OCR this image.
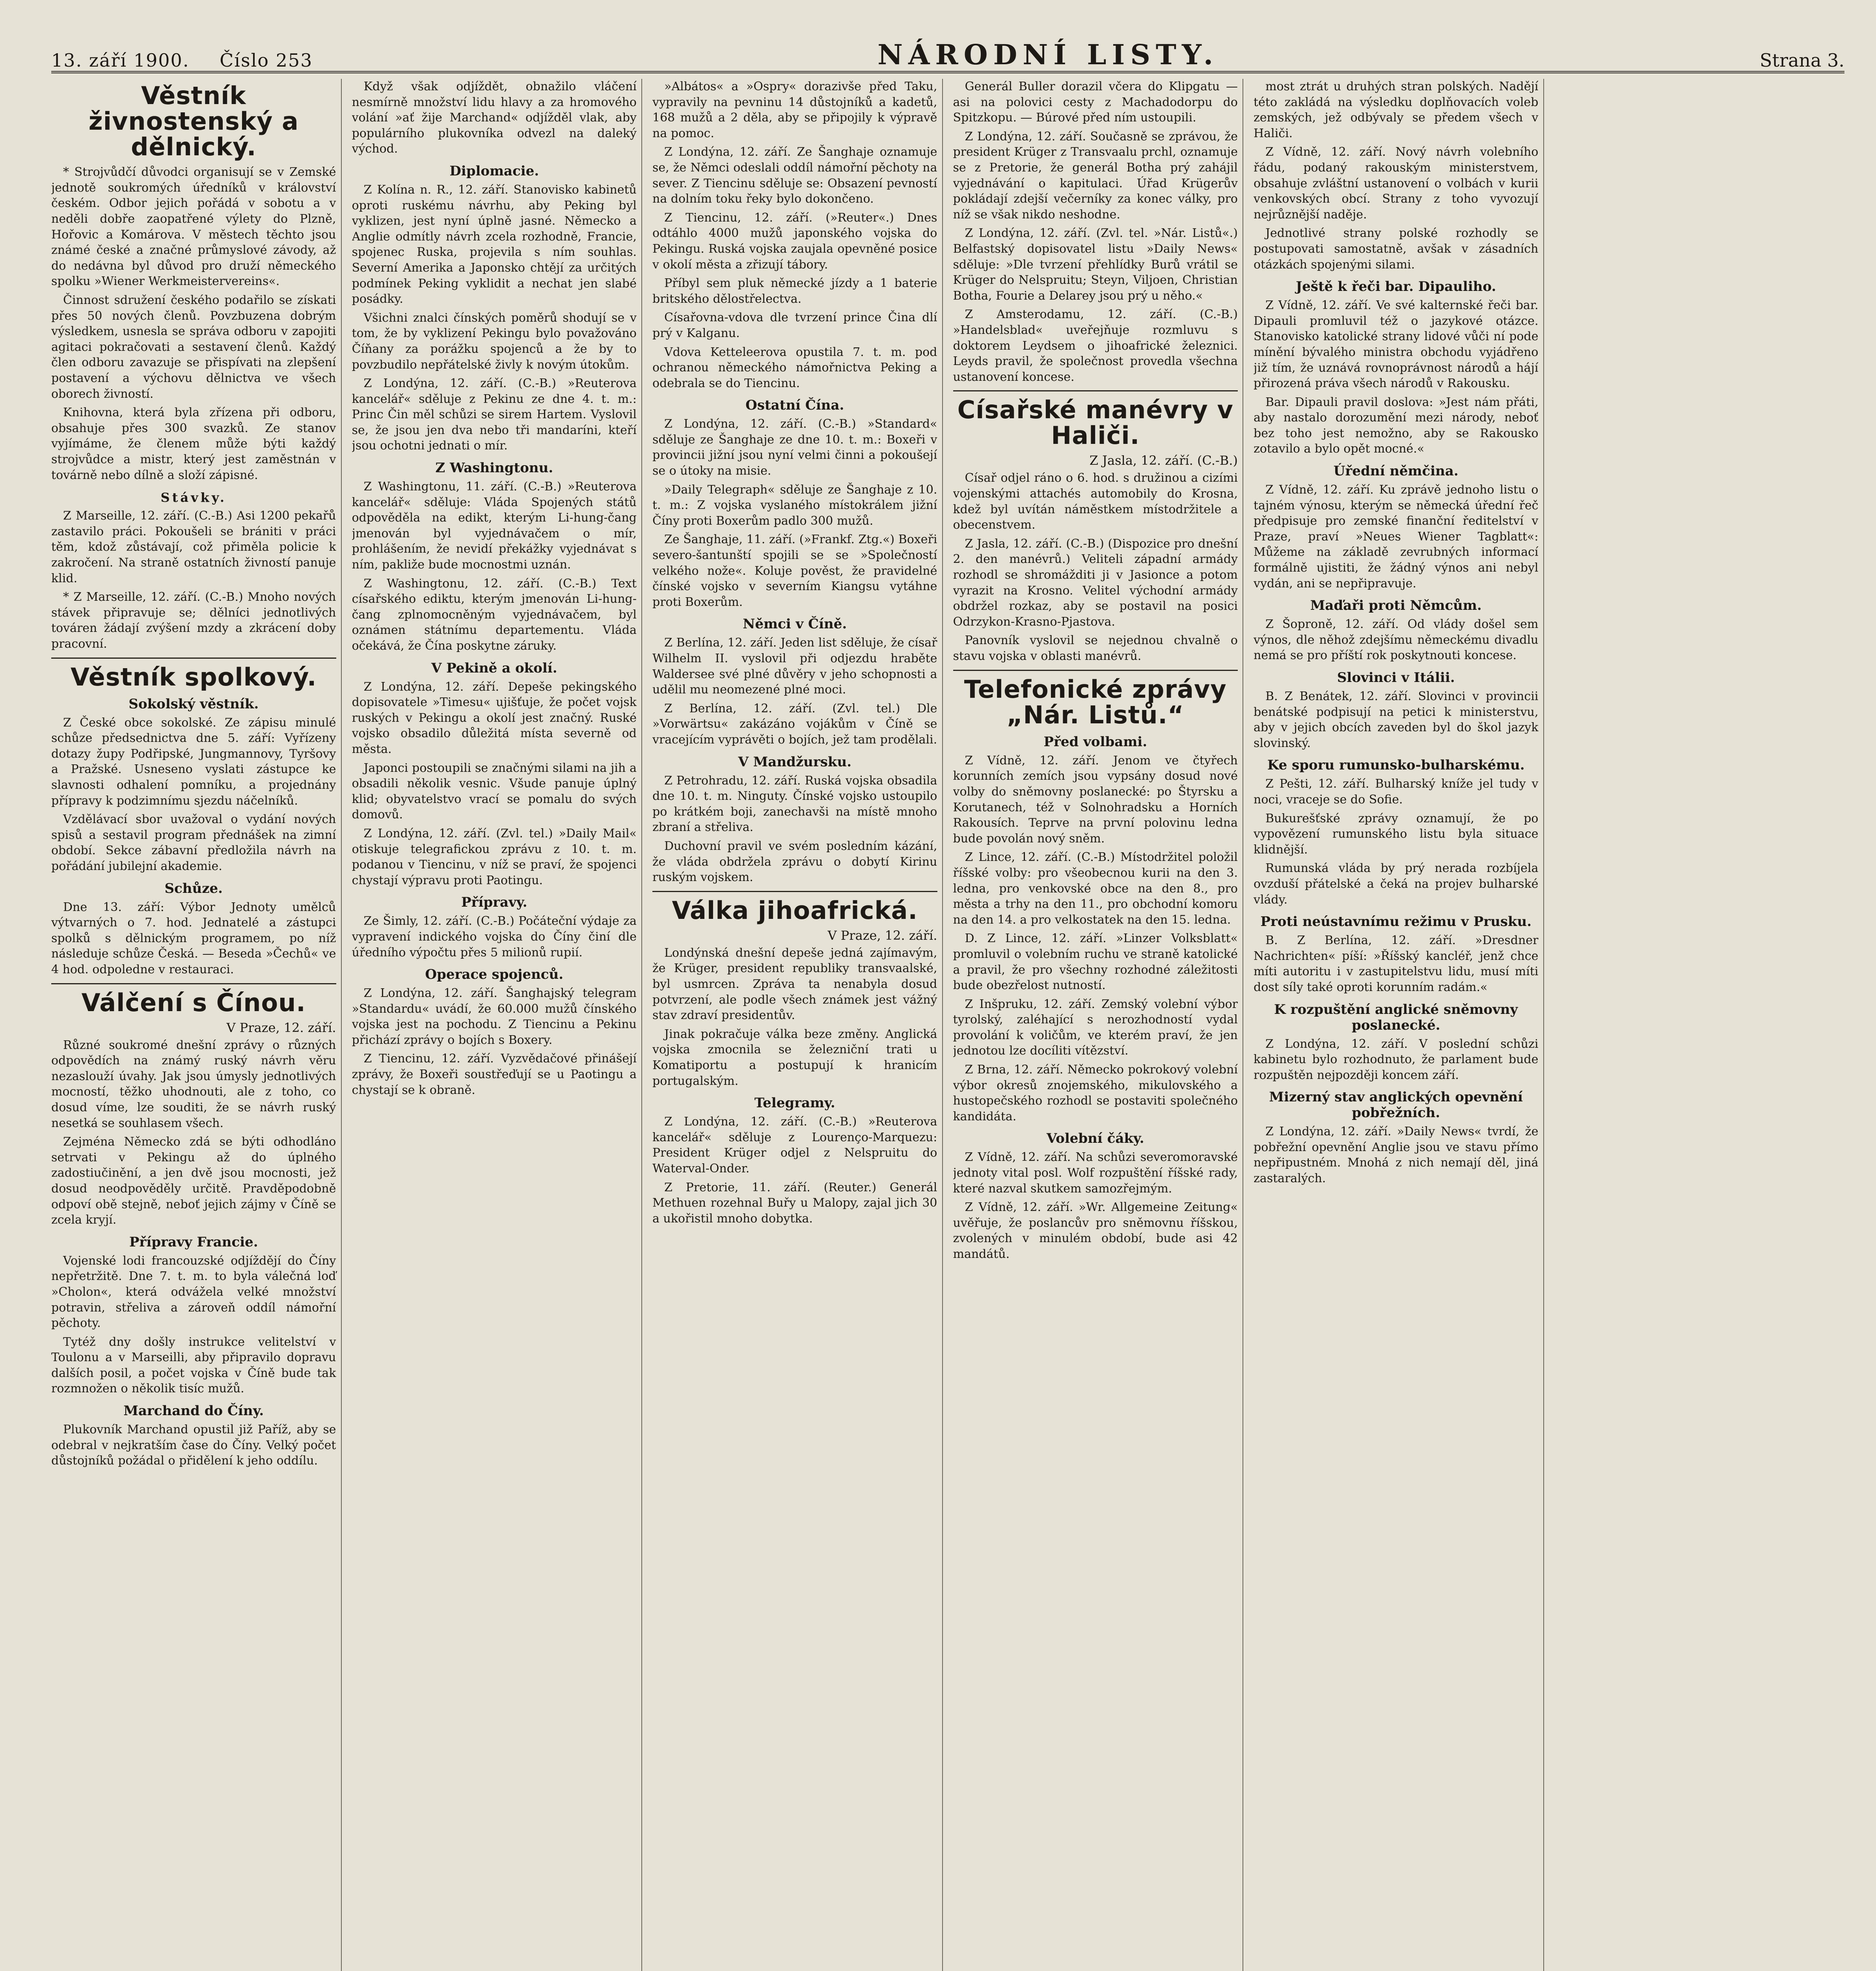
13. září 1900. Číslo 253	NÁRODNÍ LISTY.	Strana 3.
Věstník živnostenský a dělnický.

* Strojvůdčí důvodci organisují se v Zemské jednotě soukromých úředníků v království českém. Odbor jejich pořádá v sobotu a v neděli dobře zaopatřené výlety do Plzně, Hořovic a Komárova. V městech těchto jsou známé české a značné průmyslové závody, až do nedávna byl důvod pro druží německého spolku »Wiener Werkmeistervereins«.

Činnost sdružení českého podařilo se získati přes 50 nových členů. Povzbuzena dobrým výsledkem, usnesla se správa odboru v zapojiti agitaci pokračovati a sestavení členů. Každý člen odboru zavazuje se přispívati na zlepšení postavení a výchovu dělnictva ve všech oborech živností.

Knihovna, která byla zřízena při odboru, obsahuje přes 300 svazků. Ze stanov vyjímáme, že členem může býti každý strojvůdce a mistr, který jest zaměstnán v továrně nebo dílně a složí zápisné.

Stávky.

Z Marseille, 12. září. (C.-B.) Asi 1200 pekařů zastavilo práci. Pokoušeli se brániti v práci těm, kdož zůstávají, což přiměla policie k zakročení. Na straně ostatních živností panuje klid.

* Z Marseille, 12. září. (C.-B.) Mnoho nových stávek připravuje se; dělníci jednotlivých továren žádají zvýšení mzdy a zkrácení doby pracovní.

Věstník spolkový.
Sokolský věstník.

Z České obce sokolské. Ze zápisu minulé schůze předsednictva dne 5. září: Vyřízeny dotazy župy Podřipské, Jungmannovy, Tyršovy a Pražské. Usneseno vyslati zástupce ke slavnosti odhalení pomníku, a projednány přípravy k podzimnímu sjezdu náčelníků.

Vzdělávací sbor uvažoval o vydání nových spisů a sestavil program přednášek na zimní období. Sekce zábavní předložila návrh na pořádání jubilejní akademie.

Schůze.

Dne 13. září: Výbor Jednoty umělců výtvarných o 7. hod. Jednatelé a zástupci spolků s dělnickým programem, po níž následuje schůze Česká. — Beseda »Čechů« ve 4 hod. odpoledne v restauraci.

Válčení s Čínou.
V Praze, 12. září.

Různé soukromé dnešní zprávy o různých odpovědích na známý ruský návrh věru nezaslouží úvahy. Jak jsou úmysly jednotlivých mocností, těžko uhodnouti, ale z toho, co dosud víme, lze souditi, že se návrh ruský nesetká se souhlasem všech.

Zejména Německo zdá se býti odhodláno setrvati v Pekingu až do úplného zadostiučinění, a jen dvě jsou mocnosti, jež dosud neodpověděly určitě. Pravděpodobně odpoví obě stejně, neboť jejich zájmy v Číně se zcela kryjí.

Přípravy Francie.

Vojenské lodi francouzské odjíždějí do Číny nepřetržitě. Dne 7. t. m. to byla válečná loď »Cholon«, která odvážela velké množství potravin, střeliva a zároveň oddíl námořní pěchoty.

Tytéž dny došly instrukce velitelství v Toulonu a v Marseilli, aby připravilo dopravu dalších posil, a počet vojska v Číně bude tak rozmnožen o několik tisíc mužů.

Marchand do Číny.

Plukovník Marchand opustil již Paříž, aby se odebral v nejkratším čase do Číny. Velký počet důstojníků požádal o přidělení k jeho oddílu.

Když však odjíždět, obnažilo vláčení nesmírně množství lidu hlavy a za hromového volání »ať žije Marchand« odjížděl vlak, aby populárního plukovníka odvezl na daleký východ.

Diplomacie.

Z Kolína n. R., 12. září. Stanovisko kabinetů oproti ruskému návrhu, aby Peking byl vyklizen, jest nyní úplně jasné. Německo a Anglie odmítly návrh zcela rozhodně, Francie, spojenec Ruska, projevila s ním souhlas. Severní Amerika a Japonsko chtějí za určitých podmínek Peking vyklidit a nechat jen slabé posádky.

Všichni znalci čínských poměrů shodují se v tom, že by vyklizení Pekingu bylo považováno Číňany za porážku spojenců a že by to povzbudilo nepřátelské živly k novým útokům.

Z Londýna, 12. září. (C.-B.) »Reuterova kancelář« sděluje z Pekinu ze dne 4. t. m.: Princ Čin měl schůzi se sirem Hartem. Vyslovil se, že jsou jen dva nebo tři mandaríni, kteří jsou ochotni jednati o mír.

Z Washingtonu.

Z Washingtonu, 11. září. (C.-B.) »Reuterova kancelář« sděluje: Vláda Spojených států odpověděla na edikt, kterým Li-hung-čang jmenován byl vyjednávačem o mír, prohlášením, že nevidí překážky vyjednávat s ním, pakliže bude mocnostmi uznán.

Z Washingtonu, 12. září. (C.-B.) Text císařského ediktu, kterým jmenován Li-hung-čang zplnomocněným vyjednávačem, byl oznámen státnímu departementu. Vláda očekává, že Čína poskytne záruky.

V Pekině a okolí.

Z Londýna, 12. září. Depeše pekingského dopisovatele »Timesu« ujišťuje, že počet vojsk ruských v Pekingu a okolí jest značný. Ruské vojsko obsadilo důležitá místa severně od města.

Japonci postoupili se značnými silami na jih a obsadili několik vesnic. Všude panuje úplný klid; obyvatelstvo vrací se pomalu do svých domovů.

Z Londýna, 12. září. (Zvl. tel.) »Daily Mail« otiskuje telegrafickou zprávu z 10. t. m. podanou v Tiencinu, v níž se praví, že spojenci chystají výpravu proti Paotingu.

Přípravy.

Ze Šimly, 12. září. (C.-B.) Počáteční výdaje za vypravení indického vojska do Číny činí dle úředního výpočtu přes 5 milionů rupií.

Operace spojenců.

Z Londýna, 12. září. Šanghajský telegram »Standardu« uvádí, že 60.000 mužů čínského vojska jest na pochodu. Z Tiencinu a Pekinu přichází zprávy o bojích s Boxery.

Z Tiencinu, 12. září. Vyzvědačové přinášejí zprávy, že Boxeři soustřeďují se u Paotingu a chystají se k obraně.

»Albátos« a »Ospry« dorazivše před Taku, vypravily na pevninu 14 důstojníků a kadetů, 168 mužů a 2 děla, aby se připojily k výpravě na pomoc.

Z Londýna, 12. září. Ze Šanghaje oznamuje se, že Němci odeslali oddíl námořní pěchoty na sever. Z Tiencinu sděluje se: Obsazení pevností na dolním toku řeky bylo dokončeno.

Z Tiencinu, 12. září. (»Reuter«.) Dnes odtáhlo 4000 mužů japonského vojska do Pekingu. Ruská vojska zaujala opevněné posice v okolí města a zřizují tábory.

Příbyl sem pluk německé jízdy a 1 baterie britského dělostřelectva.

Císařovna-vdova dle tvrzení prince Čina dlí prý v Kalganu.

Vdova Ketteleerova opustila 7. t. m. pod ochranou německého námořnictva Peking a odebrala se do Tiencinu.

Ostatní Čína.

Z Londýna, 12. září. (C.-B.) »Standard« sděluje ze Šanghaje ze dne 10. t. m.: Boxeři v provincii jižní jsou nyní velmi činni a pokoušejí se o útoky na misie.

»Daily Telegraph« sděluje ze Šanghaje z 10. t. m.: Z vojska vyslaného místokrálem jižní Číny proti Boxerům padlo 300 mužů.

Ze Šanghaje, 11. září. (»Frankf. Ztg.«) Boxeři severo-šantunští spojili se se »Společností velkého nože«. Koluje pověst, že pravidelné čínské vojsko v severním Kiangsu vytáhne proti Boxerům.

Němci v Číně.

Z Berlína, 12. září. Jeden list sděluje, že císař Wilhelm II. vyslovil při odjezdu hraběte Waldersee své plné důvěry v jeho schopnosti a udělil mu neomezené plné moci.

Z Berlína, 12. září. (Zvl. tel.) Dle »Vorwärtsu« zakázáno vojákům v Číně se vracejícím vyprávěti o bojích, jež tam prodělali.

V Mandžursku.

Z Petrohradu, 12. září. Ruská vojska obsadila dne 10. t. m. Ninguty. Čínské vojsko ustoupilo po krátkém boji, zanechavši na místě mnoho zbraní a střeliva.

Duchovní pravil ve svém posledním kázání, že vláda obdržela zprávu o dobytí Kirinu ruským vojskem.

Válka jihoafrická.
V Praze, 12. září.

Londýnská dnešní depeše jedná zajímavým, že Krüger, president republiky transvaalské, byl usmrcen. Zpráva ta nenabyla dosud potvrzení, ale podle všech známek jest vážný stav zdraví presidentův.

Jinak pokračuje válka beze změny. Anglická vojska zmocnila se železniční trati u Komatiportu a postupují k hranicím portugalským.

Telegramy.

Z Londýna, 12. září. (C.-B.) »Reuterova kancelář« sděluje z Lourenço-Marquezu: President Krüger odjel z Nelspruitu do Waterval-Onder.

Z Pretorie, 11. září. (Reuter.) Generál Methuen rozehnal Buřy u Malopy, zajal jich 30 a ukořistil mnoho dobytka.

Generál Buller dorazil včera do Klipgatu — asi na polovici cesty z Machadodorpu do Spitzkopu. — Búrové před ním ustoupili.

Z Londýna, 12. září. Současně se zprávou, že president Krüger z Transvaalu prchl, oznamuje se z Pretorie, že generál Botha prý zahájil vyjednávání o kapitulaci. Úřad Krügerův pokládají zdejší večerníky za konec války, pro níž se však nikdo neshodne.

Z Londýna, 12. září. (Zvl. tel. »Nár. Listů«.) Belfastský dopisovatel listu »Daily News« sděluje: »Dle tvrzení přehlídky Burů vrátil se Krüger do Nelspruitu; Steyn, Viljoen, Christian Botha, Fourie a Delarey jsou prý u něho.«

Z Amsterodamu, 12. září. (C.-B.) »Handelsblad« uveřejňuje rozmluvu s doktorem Leydsem o jihoafrické železnici. Leyds pravil, že společnost provedla všechna ustanovení koncese.

Císařské manévry v Haliči.
Z Jasla, 12. září. (C.-B.)

Císař odjel ráno o 6. hod. s družinou a cizími vojenskými attachés automobily do Krosna, kdež byl uvítán náměstkem místodržitele a obecenstvem.

Z Jasla, 12. září. (C.-B.) (Dispozice pro dnešní 2. den manévrů.) Veliteli západní armády rozhodl se shromážditi ji v Jasionce a potom vyrazit na Krosno. Velitel východní armády obdržel rozkaz, aby se postavil na posici Odrzykon-Krasno-Pjastova.

Panovník vyslovil se nejednou chvalně o stavu vojska v oblasti manévrů.

Telefonické zprávy „Nár. Listů.“
Před volbami.

Z Vídně, 12. září. Jenom ve čtyřech korunních zemích jsou vypsány dosud nové volby do sněmovny poslanecké: po Štyrsku a Korutanech, též v Solnohradsku a Horních Rakousích. Teprve na první polovinu ledna bude povolán nový sněm.

Z Lince, 12. září. (C.-B.) Místodržitel položil říšské volby: pro všeobecnou kurii na den 3. ledna, pro venkovské obce na den 8., pro města a trhy na den 11., pro obchodní komoru na den 14. a pro velkostatek na den 15. ledna.

D. Z Lince, 12. září. »Linzer Volksblatt« promluvil o volebním ruchu ve straně katolické a pravil, že pro všechny rozhodné záležitosti bude obezřelost nutností.

Z Inšpruku, 12. září. Zemský volební výbor tyrolský, zaléhající s nerozhodností vydal provolání k voličům, ve kterém praví, že jen jednotou lze docíliti vítězství.

Z Brna, 12. září. Německo pokrokový volební výbor okresů znojemského, mikulovského a hustopečského rozhodl se postaviti společného kandidáta.

Volební čáky.

Z Vídně, 12. září. Na schůzi severomoravské jednoty vital posl. Wolf rozpuštění říšské rady, které nazval skutkem samozřejmým.

Z Vídně, 12. září. »Wr. Allgemeine Zeitung« uvěřuje, že poslancův pro sněmovnu říšskou, zvolených v minulém období, bude asi 42 mandátů.

most ztrát u druhých stran polských. Nadějí této zakládá na výsledku doplňovacích voleb zemských, jež odbývaly se předem všech v Haliči.

Z Vídně, 12. září. Nový návrh volebního řádu, podaný rakouským ministerstvem, obsahuje zvláštní ustanovení o volbách v kurii venkovských obcí. Strany z toho vyvozují nejrůznější naděje.

Jednotlivé strany polské rozhodly se postupovati samostatně, avšak v zásadních otázkách spojenými silami.

Ještě k řeči bar. Dipauliho.

Z Vídně, 12. září. Ve své kalternské řeči bar. Dipauli promluvil též o jazykové otázce. Stanovisko katolické strany lidové vůči ní pode mínění bývalého ministra obchodu vyjádřeno již tím, že uznává rovnoprávnost národů a hájí přirozená práva všech národů v Rakousku.

Bar. Dipauli pravil doslova: »Jest nám přáti, aby nastalo dorozumění mezi národy, neboť bez toho jest nemožno, aby se Rakousko zotavilo a bylo opět mocné.«

Úřední němčina.

Z Vídně, 12. září. Ku zprávě jednoho listu o tajném výnosu, kterým se německá úřední řeč předpisuje pro zemské finanční ředitelství v Praze, praví »Neues Wiener Tagblatt«: Můžeme na základě zevrubných informací formálně ujistiti, že žádný výnos ani nebyl vydán, ani se nepřipravuje.

Maďaři proti Němcům.

Z Šoproně, 12. září. Od vlády došel sem výnos, dle něhož zdejšímu německému divadlu nemá se pro příští rok poskytnouti koncese.

Slovinci v Itálii.

B. Z Benátek, 12. září. Slovinci v provincii benátské podpisují na petici k ministerstvu, aby v jejich obcích zaveden byl do škol jazyk slovinský.

Ke sporu rumunsko-bulharskému.

Z Pešti, 12. září. Bulharský kníže jel tudy v noci, vraceje se do Sofie.

Bukurešťské zprávy oznamují, že po vypovězení rumunského listu byla situace klidnější.

Rumunská vláda by prý nerada rozbíjela ovzduší přátelské a čeká na projev bulharské vlády.

Proti neústavnímu režimu v Prusku.

B. Z Berlína, 12. září. »Dresdner Nachrichten« píší: »Říšský kancléř, jenž chce míti autoritu i v zastupitelstvu lidu, musí míti dost síly také oproti korunním radám.«

K rozpuštění anglické sněmovny poslanecké.

Z Londýna, 12. září. V poslední schůzi kabinetu bylo rozhodnuto, že parlament bude rozpuštěn nejpozději koncem září.

Mizerný stav anglických opevnění pobřežních.

Z Londýna, 12. září. »Daily News« tvrdí, že pobřežní opevnění Anglie jsou ve stavu přímo nepřipustném. Mnohá z nich nemají děl, jiná zastaralých.
